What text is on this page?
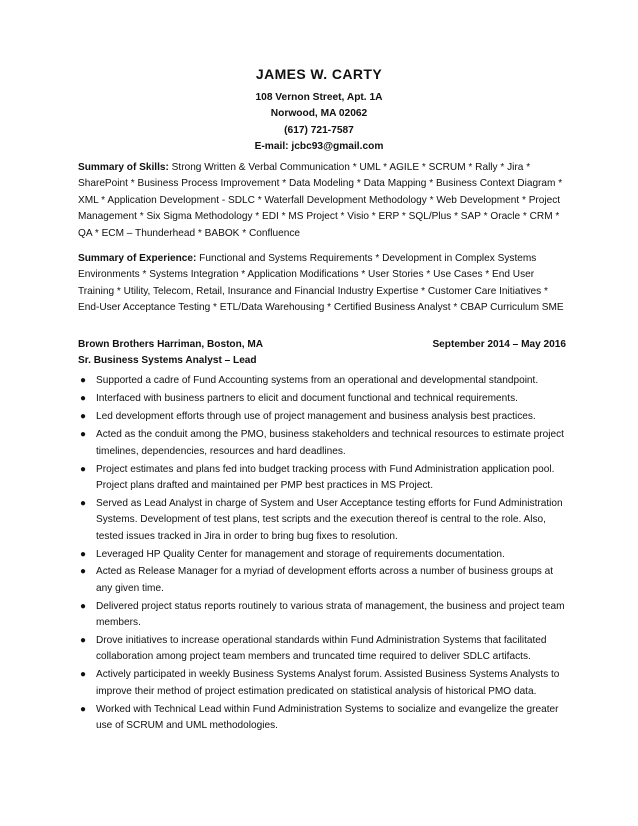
JAMES W. CARTY
108 Vernon Street, Apt. 1A
Norwood, MA 02062
(617) 721-7587
E-mail: jcbc93@gmail.com

Summary of Skills: Strong Written & Verbal Communication * UML * AGILE * SCRUM * Rally * Jira * SharePoint * Business Process Improvement * Data Modeling * Data Mapping * Business Context Diagram * XML * Application Development - SDLC * Waterfall Development Methodology * Web Development * Project Management * Six Sigma Methodology * EDI * MS Project * Visio * ERP * SQL/Plus * SAP * Oracle * CRM * QA * ECM – Thunderhead * BABOK * Confluence

Summary of Experience: Functional and Systems Requirements * Development in Complex Systems Environments * Systems Integration * Application Modifications * User Stories * Use Cases * End User Training * Utility, Telecom, Retail, Insurance and Financial Industry Expertise * Customer Care Initiatives * End-User Acceptance Testing * ETL/Data Warehousing * Certified Business Analyst * CBAP Curriculum SME

Brown Brothers Harriman, Boston, MA	September 2014 – May 2016
Sr. Business Systems Analyst – Lead
● Supported a cadre of Fund Accounting systems from an operational and developmental standpoint.
● Interfaced with business partners to elicit and document functional and technical requirements.
● Led development efforts through use of project management and business analysis best practices.
● Acted as the conduit among the PMO, business stakeholders and technical resources to estimate project timelines, dependencies, resources and hard deadlines.
● Project estimates and plans fed into budget tracking process with Fund Administration application pool. Project plans drafted and maintained per PMP best practices in MS Project.
● Served as Lead Analyst in charge of System and User Acceptance testing efforts for Fund Administration Systems. Development of test plans, test scripts and the execution thereof is central to the role. Also, tested issues tracked in Jira in order to bring bug fixes to resolution.
● Leveraged HP Quality Center for management and storage of requirements documentation.
● Acted as Release Manager for a myriad of development efforts across a number of business groups at any given time.
● Delivered project status reports routinely to various strata of management, the business and project team members.
● Drove initiatives to increase operational standards within Fund Administration Systems that facilitated collaboration among project team members and truncated time required to deliver SDLC artifacts.
● Actively participated in weekly Business Systems Analyst forum. Assisted Business Systems Analysts to improve their method of project estimation predicated on statistical analysis of historical PMO data.
● Worked with Technical Lead within Fund Administration Systems to socialize and evangelize the greater use of SCRUM and UML methodologies.
